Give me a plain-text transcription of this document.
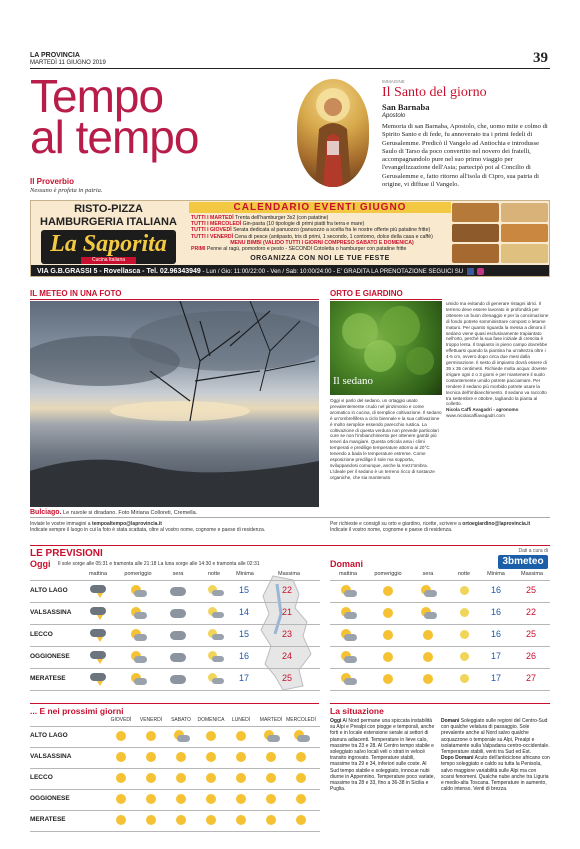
LA PROVINCIA
MARTEDÌ 11 GIUGNO 2019	39
Tempo
al tempo
Il Proverbio
Nessuno è profeta in patria.
IMMAGINE
Il Santo del giorno
San Barnaba
Apostolo
Memoria di san Barnaba, Apostolo, che, uomo mite e colmo di Spirito Santo e di fede, fu annoverato tra i primi fedeli di Gerusalemme. Predicò il Vangelo ad Antiochia e introdusse Saulo di Tarso da poco convertito nel novero dei fratelli, accompagnandolo pure nel suo primo viaggio per l'evangelizzazione dell'Asia; partecipò poi al Concilio di Gerusalemme e, fatto ritorno all'isola di Cipro, sua patria di origine, vi diffuse il Vangelo.
RISTO-PIZZA
HAMBURGERIA ITALIANA
La Saporita
Cucina Italiana
CALENDARIO EVENTI GIUGNO
TUTTI I MARTEDÌ Trenta dell'hamburger 3x2 (con patatine)
TUTTI I MERCOLEDÌ Gin-pasta (10 tipologie di primi piatti fra terra e mare)
TUTTI I GIOVEDÌ Serata dedicata al panuozzo (panuozzo a scelta fra le nostre offerte più patatine fritte)
TUTTI I VENERDÌ Cena di pesce (antipasto, tris di primi, 1 secondo, 1 contorno, dolce della casa e caffè)
MENU BIMBI (VALIDO TUTTI I GIORNI COMPRESO SABATO E DOMENICA)
PRIMI Penne al ragù, pomodoro e pesto - SECONDI Cotoletta o hamburger con patatine fritte
ORGANIZZA CON NOI LE TUE FESTE
VIA G.B.GRASSI 5 - Rovellasca - Tel. 02.96343949 - Lun / Gio: 11:00/22:00 - Ven / Sab: 10:00/24:00 - E' GRADITA LA PRENOTAZIONE SEGUICI SU
IL METEO IN UNA FOTO
Bulciago. Le nuvole si diradano. Foto Miriana Colloreti, Cremella.
ORTO E GIARDINO
Il sedano
Oggi vi parlo del sedano, un ortaggio usato prevalentemente crudo nel pinzimonio e come aromatico in cucina, di semplice coltivazione. Il sedano è un'ombrellifera a ciclo biennale e la sua coltivazione è molto semplice essendo parecchio rustica. La coltivazione di questa verdura non prevede particolari cure se non l'imbianchimento per ottenere gambi più teneri da mangiare. Questa orticola ama i climi temperati e predilige temperature attorno ai 20°C tenendo a bada le temperature estreme. Come esposizione predilige il sole ma sopporta, sviluppandosi comunque, anche la mezz'ombra. L'ideale per il sedano è un terreno ricco di sostanze organiche, che sia mantenuto
umido ma evitando di generare ristagni idrici. Il terreno deve essere lavorato in profondità per ottenere un buon drenaggio e per la concimazione di fondo potrete somministrare compost o letame maturo. Per quanto riguarda la messa a dimora il sedano viene quasi esclusivamente trapiantato nell'orto, perché la sua fase iniziale di crescita è troppo lenta. Il trapianto in pieno campo dovrebbe effettuarsi quando la piantina ha un'altezza oltre i 4-5 cm, ovvero dopo circa due mesi dalla germinazione. Il sesto di impianto dovrà essere di 35 x 35 centimetri. Richiede molta acqua: dovrete irrigare ogni 2 o 3 giorni e per mantenere il suolo costantemente umido potrete pacciamare. Per rendere il sedano più morbido potrete usare la tecnica dell'imbianchimento. Il sedano va raccolto tra settembre e ottobre, tagliando la pianta al colletto.
Nicola Caffi Avagadri - agronomo
www.nicolacaffiavagadri.com
Inviate le vostre immagini a tempoaltempo@laprovincia.it
Indicate sempre il luogo in cui la foto è stata scattata, oltre al vostro nome, cognome e paese di residenza.
Per richieste e consigli su orto e giardino, ricette, scrivere a ortoegiardino@laprovincia.it
Indicate il vostro nome, cognome e paese di residenza.
LE PREVISIONI	Dati a cura di
3bmeteo
Oggi Il sole sorge alle 05:31 e tramonta alle 21:18 La luna sorge alle 14:30 e tramonta alle 02:31	Domani
mattina	pomeriggio	sera	notte	Minima	Massima	mattina	pomeriggio	sera	notte	Minima	Massima
... E nei prossimi giorni	La situazione
Oggi Al Nord permane una spiccata instabilità su Alpi e Prealpi con piogge e temporali, anche forti e in locale estensione serale ai settori di pianura adiacenti. Temperature in lieve calo, massime tra 23 e 28. Al Centro tempo stabile e soleggiato salvo locali veli o strati in velocé transito ingrovato. Temperature stabili, massime tra 29 e 34, inferiori sulle coste. Al Sud tempo stabile e soleggiato, innocue nubi diurne in Appennino. Temperature poco variate, massime tra 28 e 33, fino a 36-38 in Sicilia e Puglia.
Domani Soleggiato sulle regioni del Centro-Sud con qualche velatura di passaggio. Sole prevalente anche al Nord salvo qualche acquazzone o temporale su Alpi, Prealpi e isolatamente sulla Valpadana centro-occidentale. Temperature stabili, venti tra Sud ed Est.
Dopo Domani Acuto dell'anticiclone africano con tempo soleggiato e caldo su tutta la Penisola, salvo maggiore variabilità sulle Alpi ma con scarsi fenomeni. Qualche nube anche tra Liguria e medio-alta Toscana. Temperature in aumento, caldo intenso. Venti di brezza.
ALTO LAGO	15	22	16	25
VALSASSINA	14	21	16	22
LECCO	15	23	16	25
OGGIONESE	16	24	17	26
MERATESE	17	25	17	27
GIOVEDÌ	VENERDÌ	SABATO	DOMENICA	LUNEDÌ	MARTEDÌ MERCOLEDÌ
ALTO LAGO
VALSASSINA
LECCO
OGGIONESE
MERATESE
